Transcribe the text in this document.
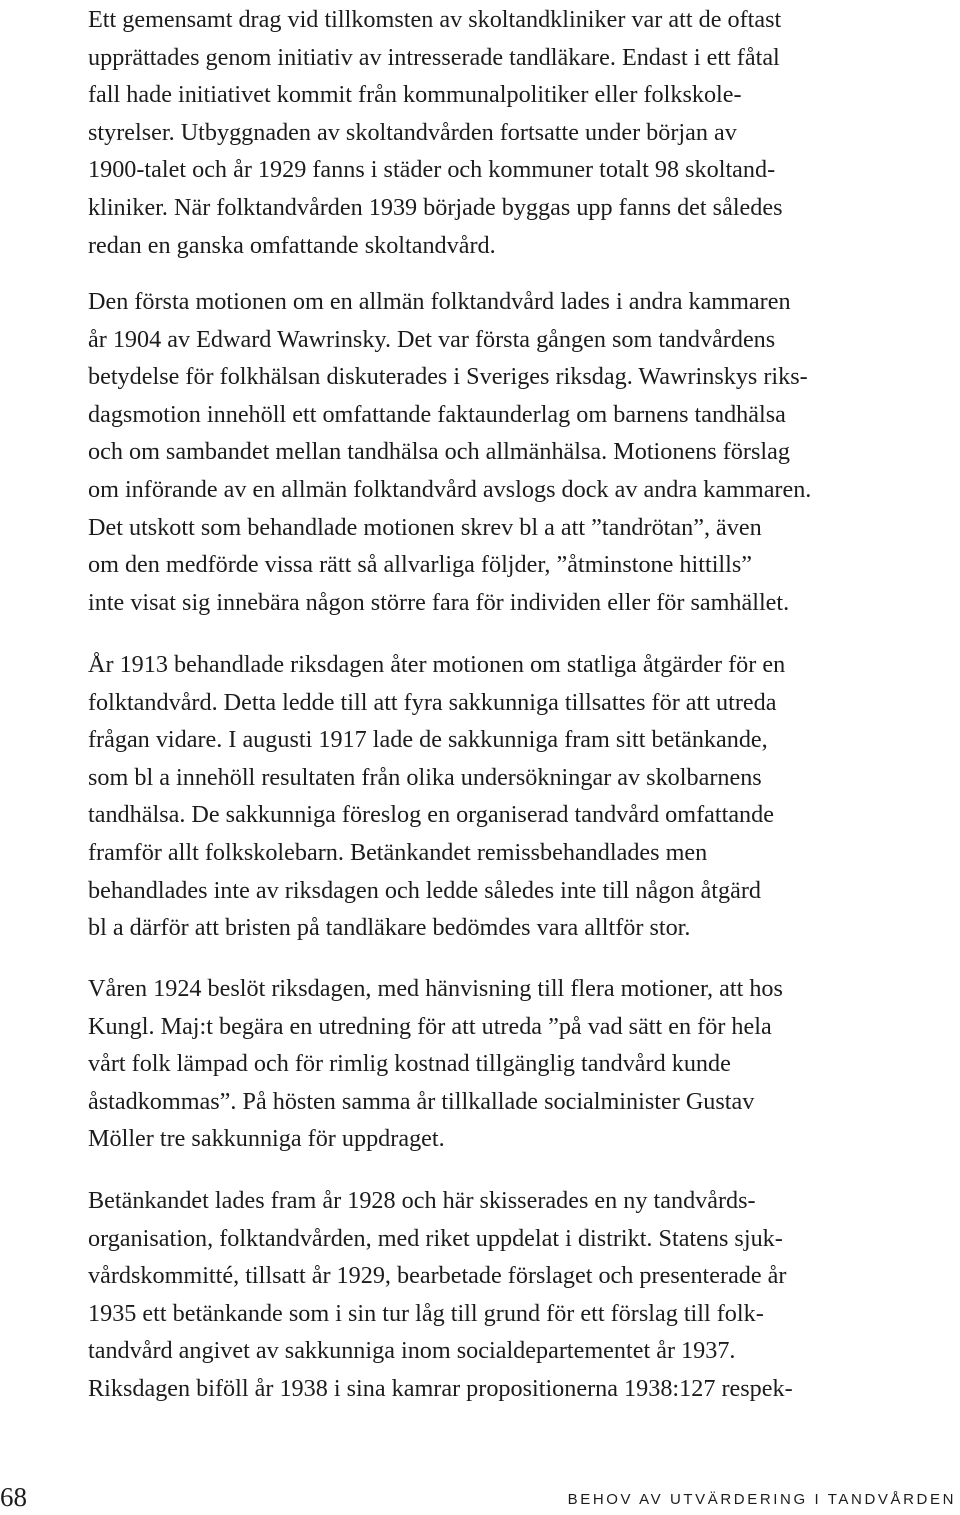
Ett gemensamt drag vid tillkomsten av skoltandkliniker var att de oftast
upprättades genom initiativ av intresserade tandläkare. Endast i ett fåtal
fall hade initiativet kommit från kommunalpolitiker eller folkskole-
styrelser. Utbyggnaden av skoltandvården fortsatte under början av
1900-talet och år 1929 fanns i städer och kommuner totalt 98 skoltand-
kliniker. När folktandvården 1939 började byggas upp fanns det således
redan en ganska omfattande skoltandvård.
Den första motionen om en allmän folktandvård lades i andra kammaren
år 1904 av Edward Wawrinsky. Det var första gången som tandvårdens
betydelse för folkhälsan diskuterades i Sveriges riksdag. Wawrinskys riks-
dagsmotion innehöll ett omfattande faktaunderlag om barnens tandhälsa
och om sambandet mellan tandhälsa och allmänhälsa. Motionens förslag
om införande av en allmän folktandvård avslogs dock av andra kammaren.
Det utskott som behandlade motionen skrev bl a att ”tandrötan”, även
om den medförde vissa rätt så allvarliga följder, ”åtminstone hittills”
inte visat sig innebära någon större fara för individen eller för samhället.
År 1913 behandlade riksdagen åter motionen om statliga åtgärder för en
folktandvård. Detta ledde till att fyra sakkunniga tillsattes för att utreda
frågan vidare. I augusti 1917 lade de sakkunniga fram sitt betänkande,
som bl a innehöll resultaten från olika undersökningar av skolbarnens
tandhälsa. De sakkunniga föreslog en organiserad tandvård omfattande
framför allt folkskolebarn. Betänkandet remissbehandlades men
behandlades inte av riksdagen och ledde således inte till någon åtgärd
bl a därför att bristen på tandläkare bedömdes vara alltför stor.
Våren 1924 beslöt riksdagen, med hänvisning till flera motioner, att hos
Kungl. Maj:t begära en utredning för att utreda ”på vad sätt en för hela
vårt folk lämpad och för rimlig kostnad tillgänglig tandvård kunde
åstadkommas”. På hösten samma år tillkallade socialminister Gustav
Möller tre sakkunniga för uppdraget.
Betänkandet lades fram år 1928 och här skisserades en ny tandvårds-
organisation, folktandvården, med riket uppdelat i distrikt. Statens sjuk-
vårdskommitté, tillsatt år 1929, bearbetade förslaget och presenterade år
1935 ett betänkande som i sin tur låg till grund för ett förslag till folk-
tandvård angivet av sakkunniga inom socialdepartementet år 1937.
Riksdagen biföll år 1938 i sina kamrar propositionerna 1938:127 respek-
68	BEHOV AV UTVÄRDERING I TANDVÅRDEN
